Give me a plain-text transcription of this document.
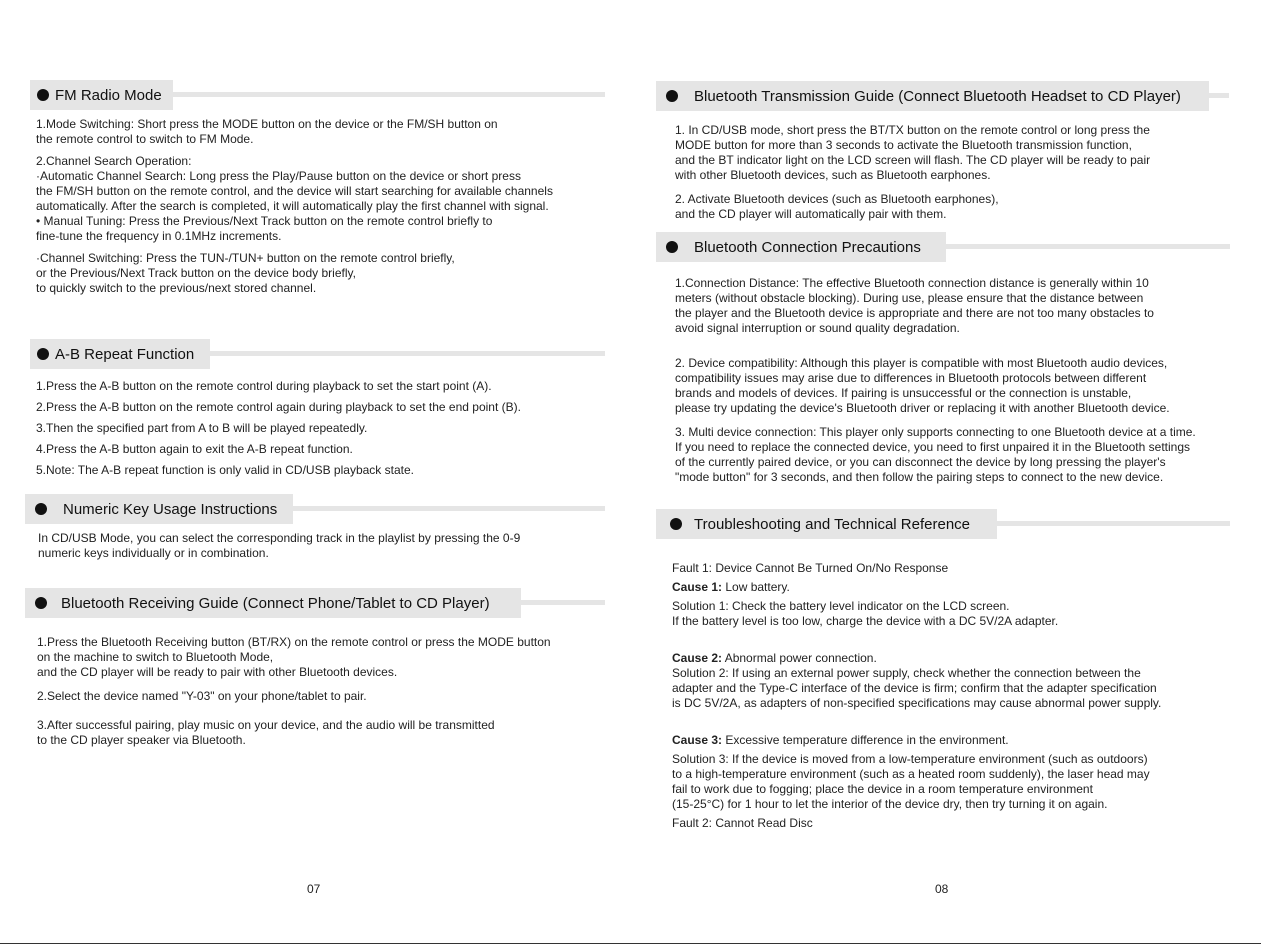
FM Radio Mode

1.Mode Switching: Short press the MODE button on the device or the FM/SH button on

the remote control to switch to FM Mode.

2.Channel Search Operation:

·Automatic Channel Search: Long press the Play/Pause button on the device or short press

the FM/SH button on the remote control, and the device will start searching for available channels

automatically. After the search is completed, it will automatically play the first channel with signal.

• Manual Tuning: Press the Previous/Next Track button on the remote control briefly to

fine-tune the frequency in 0.1MHz increments.

·Channel Switching: Press the TUN-/TUN+ button on the remote control briefly,

or the Previous/Next Track button on the device body briefly,

to quickly switch to the previous/next stored channel.

A-B Repeat Function

1.Press the A-B button on the remote control during playback to set the start point (A).

2.Press the A-B button on the remote control again during playback to set the end point (B).

3.Then the specified part from A to B will be played repeatedly.

4.Press the A-B button again to exit the A-B repeat function.

5.Note: The A-B repeat function is only valid in CD/USB playback state.

Numeric Key Usage Instructions

In CD/USB Mode, you can select the corresponding track in the playlist by pressing the 0-9

numeric keys individually or in combination.

Bluetooth Receiving Guide (Connect Phone/Tablet to CD Player)

1.Press the Bluetooth Receiving button (BT/RX) on the remote control or press the MODE button

on the machine to switch to Bluetooth Mode,

and the CD player will be ready to pair with other Bluetooth devices.

2.Select the device named "Y-03" on your phone/tablet to pair.

3.After successful pairing, play music on your device, and the audio will be transmitted

to the CD player speaker via Bluetooth.

07
Bluetooth Transmission Guide (Connect Bluetooth Headset to CD Player)

1. In CD/USB mode, short press the BT/TX button on the remote control or long press the

MODE button for more than 3 seconds to activate the Bluetooth transmission function,

and the BT indicator light on the LCD screen will flash. The CD player will be ready to pair

with other Bluetooth devices, such as Bluetooth earphones.

2. Activate Bluetooth devices (such as Bluetooth earphones),

and the CD player will automatically pair with them.

Bluetooth Connection Precautions

1.Connection Distance: The effective Bluetooth connection distance is generally within 10

meters (without obstacle blocking). During use, please ensure that the distance between

the player and the Bluetooth device is appropriate and there are not too many obstacles to

avoid signal interruption or sound quality degradation.

2. Device compatibility: Although this player is compatible with most Bluetooth audio devices,

compatibility issues may arise due to differences in Bluetooth protocols between different

brands and models of devices. If pairing is unsuccessful or the connection is unstable,

please try updating the device's Bluetooth driver or replacing it with another Bluetooth device.

3. Multi device connection: This player only supports connecting to one Bluetooth device at a time.

If you need to replace the connected device, you need to first unpaired it in the Bluetooth settings

of the currently paired device, or you can disconnect the device by long pressing the player's

"mode button" for 3 seconds, and then follow the pairing steps to connect to the new device.

Troubleshooting and Technical Reference

Fault 1: Device Cannot Be Turned On/No Response

Cause 1: Low battery.

Solution 1: Check the battery level indicator on the LCD screen.

If the battery level is too low, charge the device with a DC 5V/2A adapter.

Cause 2: Abnormal power connection.

Solution 2: If using an external power supply, check whether the connection between the

adapter and the Type-C interface of the device is firm; confirm that the adapter specification

is DC 5V/2A, as adapters of non-specified specifications may cause abnormal power supply.

Cause 3: Excessive temperature difference in the environment.

Solution 3: If the device is moved from a low-temperature environment (such as outdoors)

to a high-temperature environment (such as a heated room suddenly), the laser head may

fail to work due to fogging; place the device in a room temperature environment

(15-25°C) for 1 hour to let the interior of the device dry, then try turning it on again.

Fault 2: Cannot Read Disc

08
